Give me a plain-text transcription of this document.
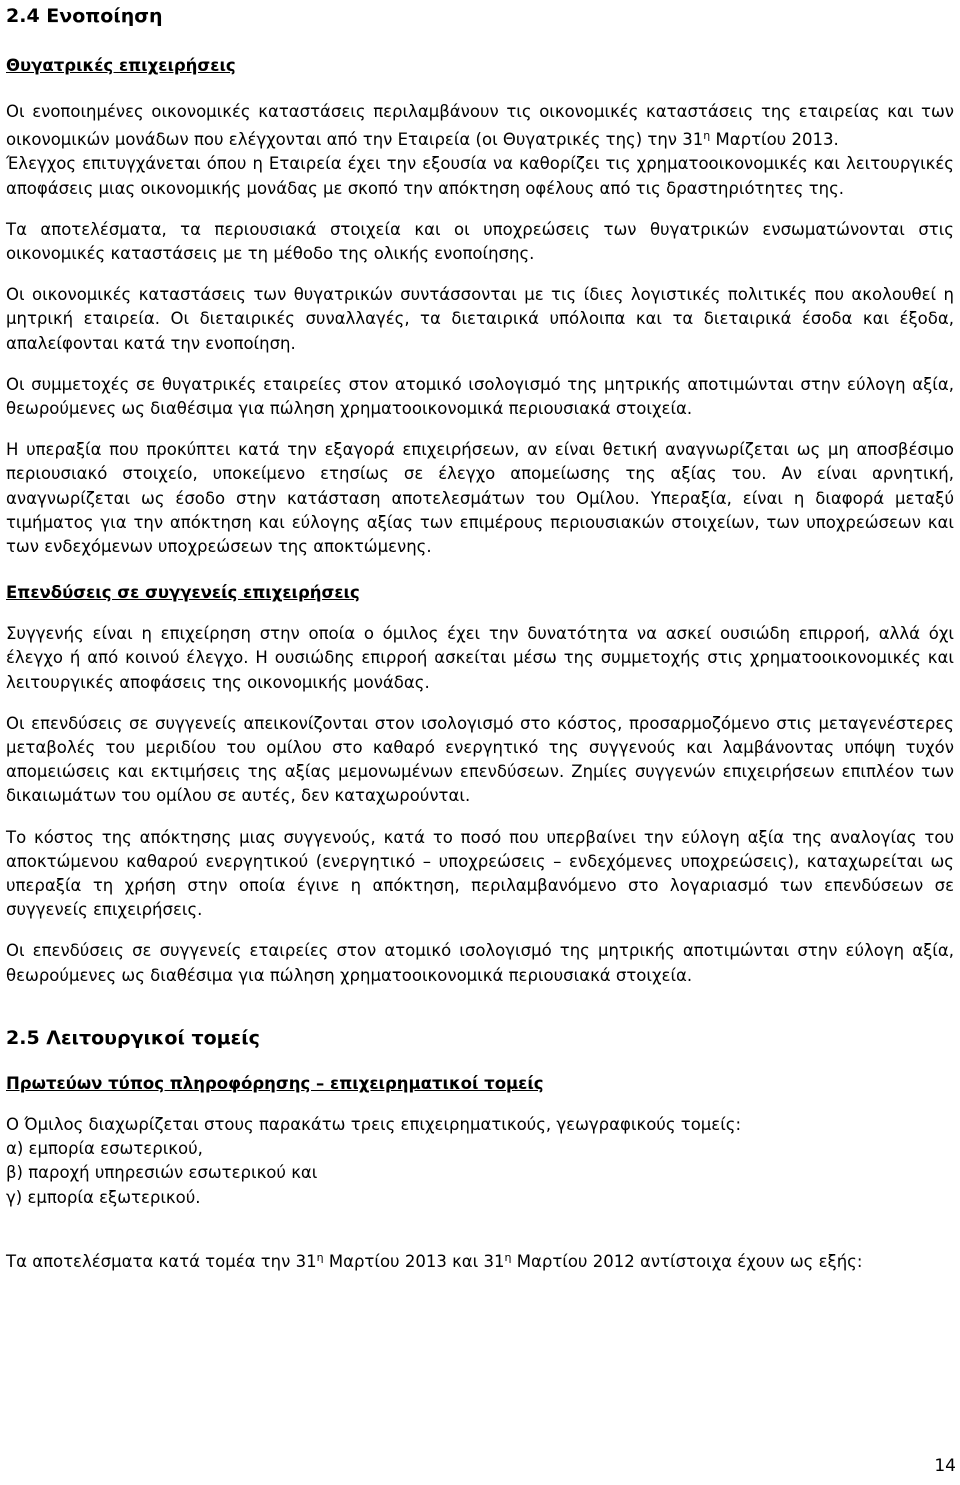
2.4 Ενοποίηση
Θυγατρικές επιχειρήσεις

Οι ενοποιημένες οικονομικές καταστάσεις περιλαμβάνουν τις οικονομικές καταστάσεις της εταιρείας και των οικονομικών μονάδων που ελέγχονται από την Εταιρεία (οι Θυγατρικές της) την $31^\eta$ Μαρτίου 2013.

Έλεγχος επιτυγχάνεται όπου η Εταιρεία έχει την εξουσία να καθορίζει τις χρηματοοικονομικές και λειτουργικές αποφάσεις μιας οικονομικής μονάδας με σκοπό την απόκτηση οφέλους από τις δραστηριότητες της.

Τα αποτελέσματα, τα περιουσιακά στοιχεία και οι υποχρεώσεις των θυγατρικών ενσωματώνονται στις οικονομικές καταστάσεις με τη μέθοδο της ολικής ενοποίησης.

Οι οικονομικές καταστάσεις των θυγατρικών συντάσσονται με τις ίδιες λογιστικές πολιτικές που ακολουθεί η μητρική εταιρεία. Οι διεταιρικές συναλλαγές, τα διεταιρικά υπόλοιπα και τα διεταιρικά έσοδα και έξοδα, απαλείφονται κατά την ενοποίηση.

Οι συμμετοχές σε θυγατρικές εταιρείες στον ατομικό ισολογισμό της μητρικής αποτιμώνται στην εύλογη αξία, θεωρούμενες ως διαθέσιμα για πώληση χρηματοοικονομικά περιουσιακά στοιχεία.

Η υπεραξία που προκύπτει κατά την εξαγορά επιχειρήσεων, αν είναι θετική αναγνωρίζεται ως μη αποσβέσιμο περιουσιακό στοιχείο, υποκείμενο ετησίως σε έλεγχο απομείωσης της αξίας του. Αν είναι αρνητική, αναγνωρίζεται ως έσοδο στην κατάσταση αποτελεσμάτων του Ομίλου. Υπεραξία, είναι η διαφορά μεταξύ τιμήματος για την απόκτηση και εύλογης αξίας των επιμέρους περιουσιακών στοιχείων, των υποχρεώσεων και των ενδεχόμενων υποχρεώσεων της αποκτώμενης.

Επενδύσεις σε συγγενείς επιχειρήσεις

Συγγενής είναι η επιχείρηση στην οποία ο όμιλος έχει την δυνατότητα να ασκεί ουσιώδη επιρροή, αλλά όχι έλεγχο ή από κοινού έλεγχο. Η ουσιώδης επιρροή ασκείται μέσω της συμμετοχής στις χρηματοοικονομικές και λειτουργικές αποφάσεις της οικονομικής μονάδας.

Οι επενδύσεις σε συγγενείς απεικονίζονται στον ισολογισμό στο κόστος, προσαρμοζόμενο στις μεταγενέστερες μεταβολές του μεριδίου του ομίλου στο καθαρό ενεργητικό της συγγενούς και λαμβάνοντας υπόψη τυχόν απομειώσεις και εκτιμήσεις της αξίας μεμονωμένων επενδύσεων. Ζημίες συγγενών επιχειρήσεων επιπλέον των δικαιωμάτων του ομίλου σε αυτές, δεν καταχωρούνται.

Το κόστος της απόκτησης μιας συγγενούς, κατά το ποσό που υπερβαίνει την εύλογη αξία της αναλογίας του αποκτώμενου καθαρού ενεργητικού (ενεργητικό – υποχρεώσεις – ενδεχόμενες υποχρεώσεις), καταχωρείται ως υπεραξία τη χρήση στην οποία έγινε η απόκτηση, περιλαμβανόμενο στο λογαριασμό των επενδύσεων σε συγγενείς επιχειρήσεις.

Οι επενδύσεις σε συγγενείς εταιρείες στον ατομικό ισολογισμό της μητρικής αποτιμώνται στην εύλογη αξία, θεωρούμενες ως διαθέσιμα για πώληση χρηματοοικονομικά περιουσιακά στοιχεία.

2.5 Λειτουργικοί τομείς
Πρωτεύων τύπος πληροφόρησης – επιχειρηματικοί τομείς
Ο Όμιλος διαχωρίζεται στους παρακάτω τρεις επιχειρηματικούς, γεωγραφικούς τομείς:
α) εμπορία εσωτερικού,
β) παροχή υπηρεσιών εσωτερικού και
γ) εμπορία εξωτερικού.
Τα αποτελέσματα κατά τομέα την $31^\eta$ Μαρτίου 2013 και $31^\eta$ Μαρτίου 2012 αντίστοιχα έχουν ως εξής:
14
